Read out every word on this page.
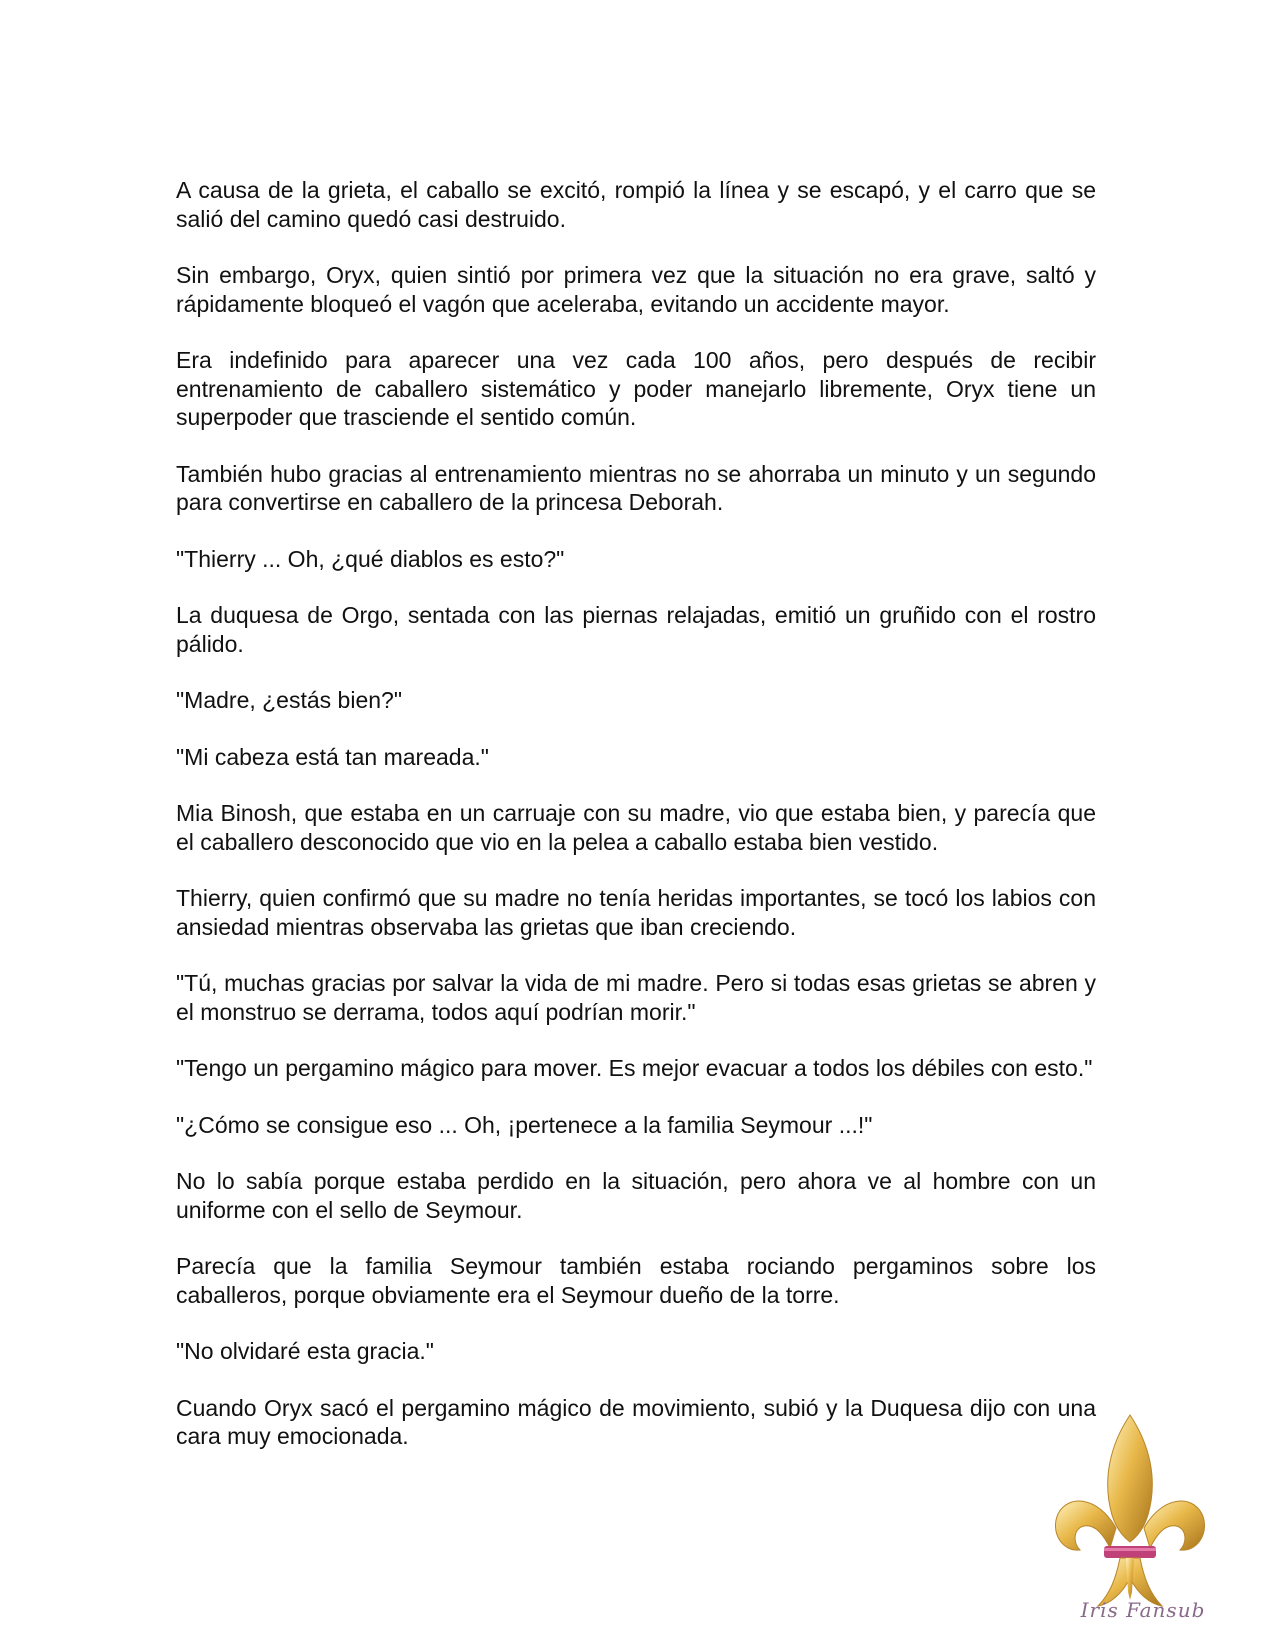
A causa de la grieta, el caballo se excitó, rompió la línea y se escapó, y el carro que se salió del camino quedó casi destruido.

Sin embargo, Oryx, quien sintió por primera vez que la situación no era grave, saltó y rápidamente bloqueó el vagón que aceleraba, evitando un accidente mayor.

Era indefinido para aparecer una vez cada 100 años, pero después de recibir entrenamiento de caballero sistemático y poder manejarlo libremente, Oryx tiene un superpoder que trasciende el sentido común.

También hubo gracias al entrenamiento mientras no se ahorraba un minuto y un segundo para convertirse en caballero de la princesa Deborah.

"Thierry ... Oh, ¿qué diablos es esto?"

La duquesa de Orgo, sentada con las piernas relajadas, emitió un gruñido con el rostro pálido.

"Madre, ¿estás bien?"

"Mi cabeza está tan mareada."

Mia Binosh, que estaba en un carruaje con su madre, vio que estaba bien, y parecía que el caballero desconocido que vio en la pelea a caballo estaba bien vestido.

Thierry, quien confirmó que su madre no tenía heridas importantes, se tocó los labios con ansiedad mientras observaba las grietas que iban creciendo.

"Tú, muchas gracias por salvar la vida de mi madre. Pero si todas esas grietas se abren y el monstruo se derrama, todos aquí podrían morir."

"Tengo un pergamino mágico para mover. Es mejor evacuar a todos los débiles con esto."

"¿Cómo se consigue eso ... Oh, ¡pertenece a la familia Seymour ...!"

No lo sabía porque estaba perdido en la situación, pero ahora ve al hombre con un uniforme con el sello de Seymour.

Parecía que la familia Seymour también estaba rociando pergaminos sobre los caballeros, porque obviamente era el Seymour dueño de la torre.

"No olvidaré esta gracia."

Cuando Oryx sacó el pergamino mágico de movimiento, subió y la Duquesa dijo con una cara muy emocionada.

Iris Fansub
